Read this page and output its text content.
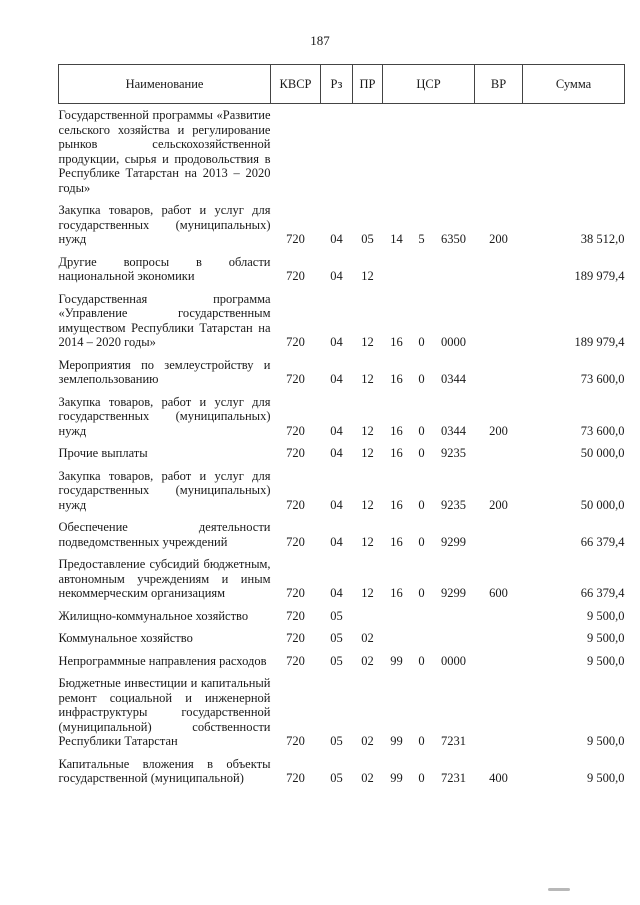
187
Наименование	КВСР	Рз	ПР	ЦСР			ВР	Сумма
Государственной программы «Развитие сельского хозяйства и регулирование рынков сельскохозяйственной продукции, сырья и продовольствия в Республике Татарстан на 2013 – 2020 годы»								
Закупка товаров, работ и услуг для государственных (муниципальных) нужд	720	04	05	14	5	6350	200	38 512,0
Другие вопросы в области национальной экономики	720	04	12					189 979,4
Государственная программа «Управление государственным имуществом Республики Татарстан на 2014 – 2020 годы»	720	04	12	16	0	0000		189 979,4
Мероприятия по землеустройству и землепользованию	720	04	12	16	0	0344		73 600,0
Закупка товаров, работ и услуг для государственных (муниципальных) нужд	720	04	12	16	0	0344	200	73 600,0
Прочие выплаты	720	04	12	16	0	9235		50 000,0
Закупка товаров, работ и услуг для государственных (муниципальных) нужд	720	04	12	16	0	9235	200	50 000,0
Обеспечение деятельности подведомственных учреждений	720	04	12	16	0	9299		66 379,4
Предоставление субсидий бюджетным, автономным учреждениям и иным некоммерческим организациям	720	04	12	16	0	9299	600	66 379,4
Жилищно-коммунальное хозяйство	720	05						9 500,0
Коммунальное хозяйство	720	05	02					9 500,0
Непрограммные направления расходов	720	05	02	99	0	0000		9 500,0
Бюджетные инвестиции и капитальный ремонт социальной и инженерной инфраструктуры государственной (муниципальной) собственности Республики Татарстан	720	05	02	99	0	7231		9 500,0
Капитальные вложения в объекты государственной (муниципальной)	720	05	02	99	0	7231	400	9 500,0
